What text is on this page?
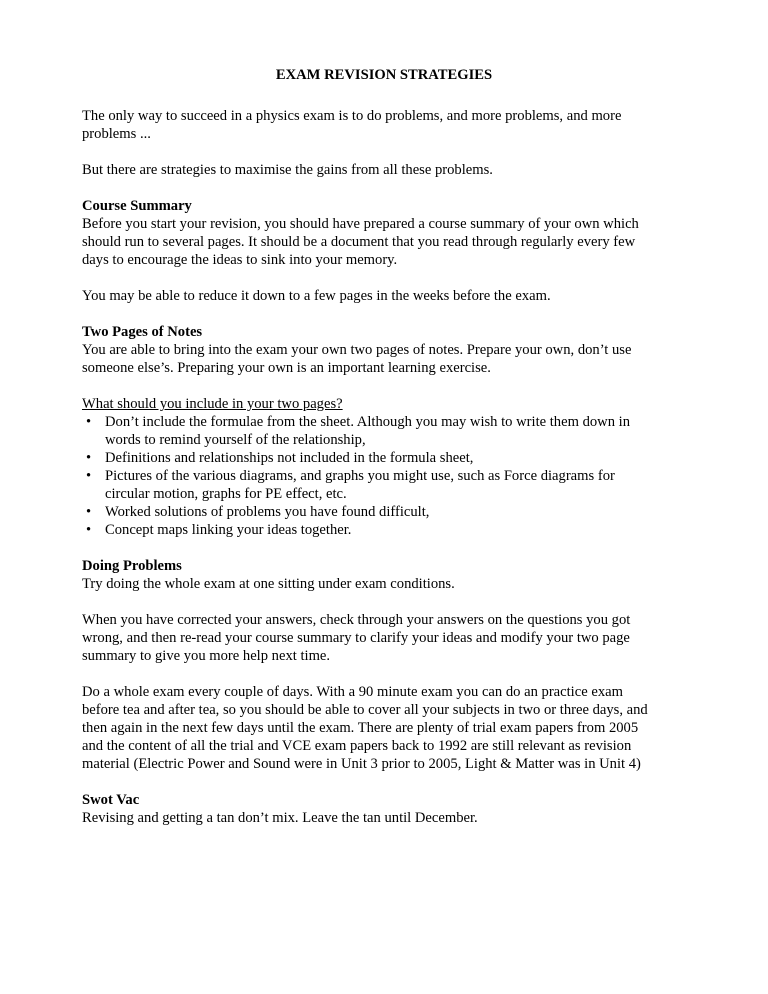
EXAM REVISION STRATEGIES
The only way to succeed in a physics exam is to do problems, and more problems, and more
problems ...
But there are strategies to maximise the gains from all these problems.
Course Summary
Before you start your revision, you should have prepared a course summary of your own which
should run to several pages. It should be a document that you read through regularly every few
days to encourage the ideas to sink into your memory.
You may be able to reduce it down to a few pages in the weeks before the exam.
Two Pages of Notes
You are able to bring into the exam your own two pages of notes. Prepare your own, don’t use
someone else’s. Preparing your own is an important learning exercise.
What should you include in your two pages?
• Don’t include the formulae from the sheet. Although you may wish to write them down in
words to remind yourself of the relationship,
• Definitions and relationships not included in the formula sheet,
• Pictures of the various diagrams, and graphs you might use, such as Force diagrams for
circular motion, graphs for PE effect, etc.
• Worked solutions of problems you have found difficult,
• Concept maps linking your ideas together.
Doing Problems
Try doing the whole exam at one sitting under exam conditions.
When you have corrected your answers, check through your answers on the questions you got
wrong, and then re-read your course summary to clarify your ideas and modify your two page
summary to give you more help next time.
Do a whole exam every couple of days. With a 90 minute exam you can do an practice exam
before tea and after tea, so you should be able to cover all your subjects in two or three days, and
then again in the next few days until the exam. There are plenty of trial exam papers from 2005
and the content of all the trial and VCE exam papers back to 1992 are still relevant as revision
material (Electric Power and Sound were in Unit 3 prior to 2005, Light & Matter was in Unit 4)
Swot Vac
Revising and getting a tan don’t mix. Leave the tan until December.
